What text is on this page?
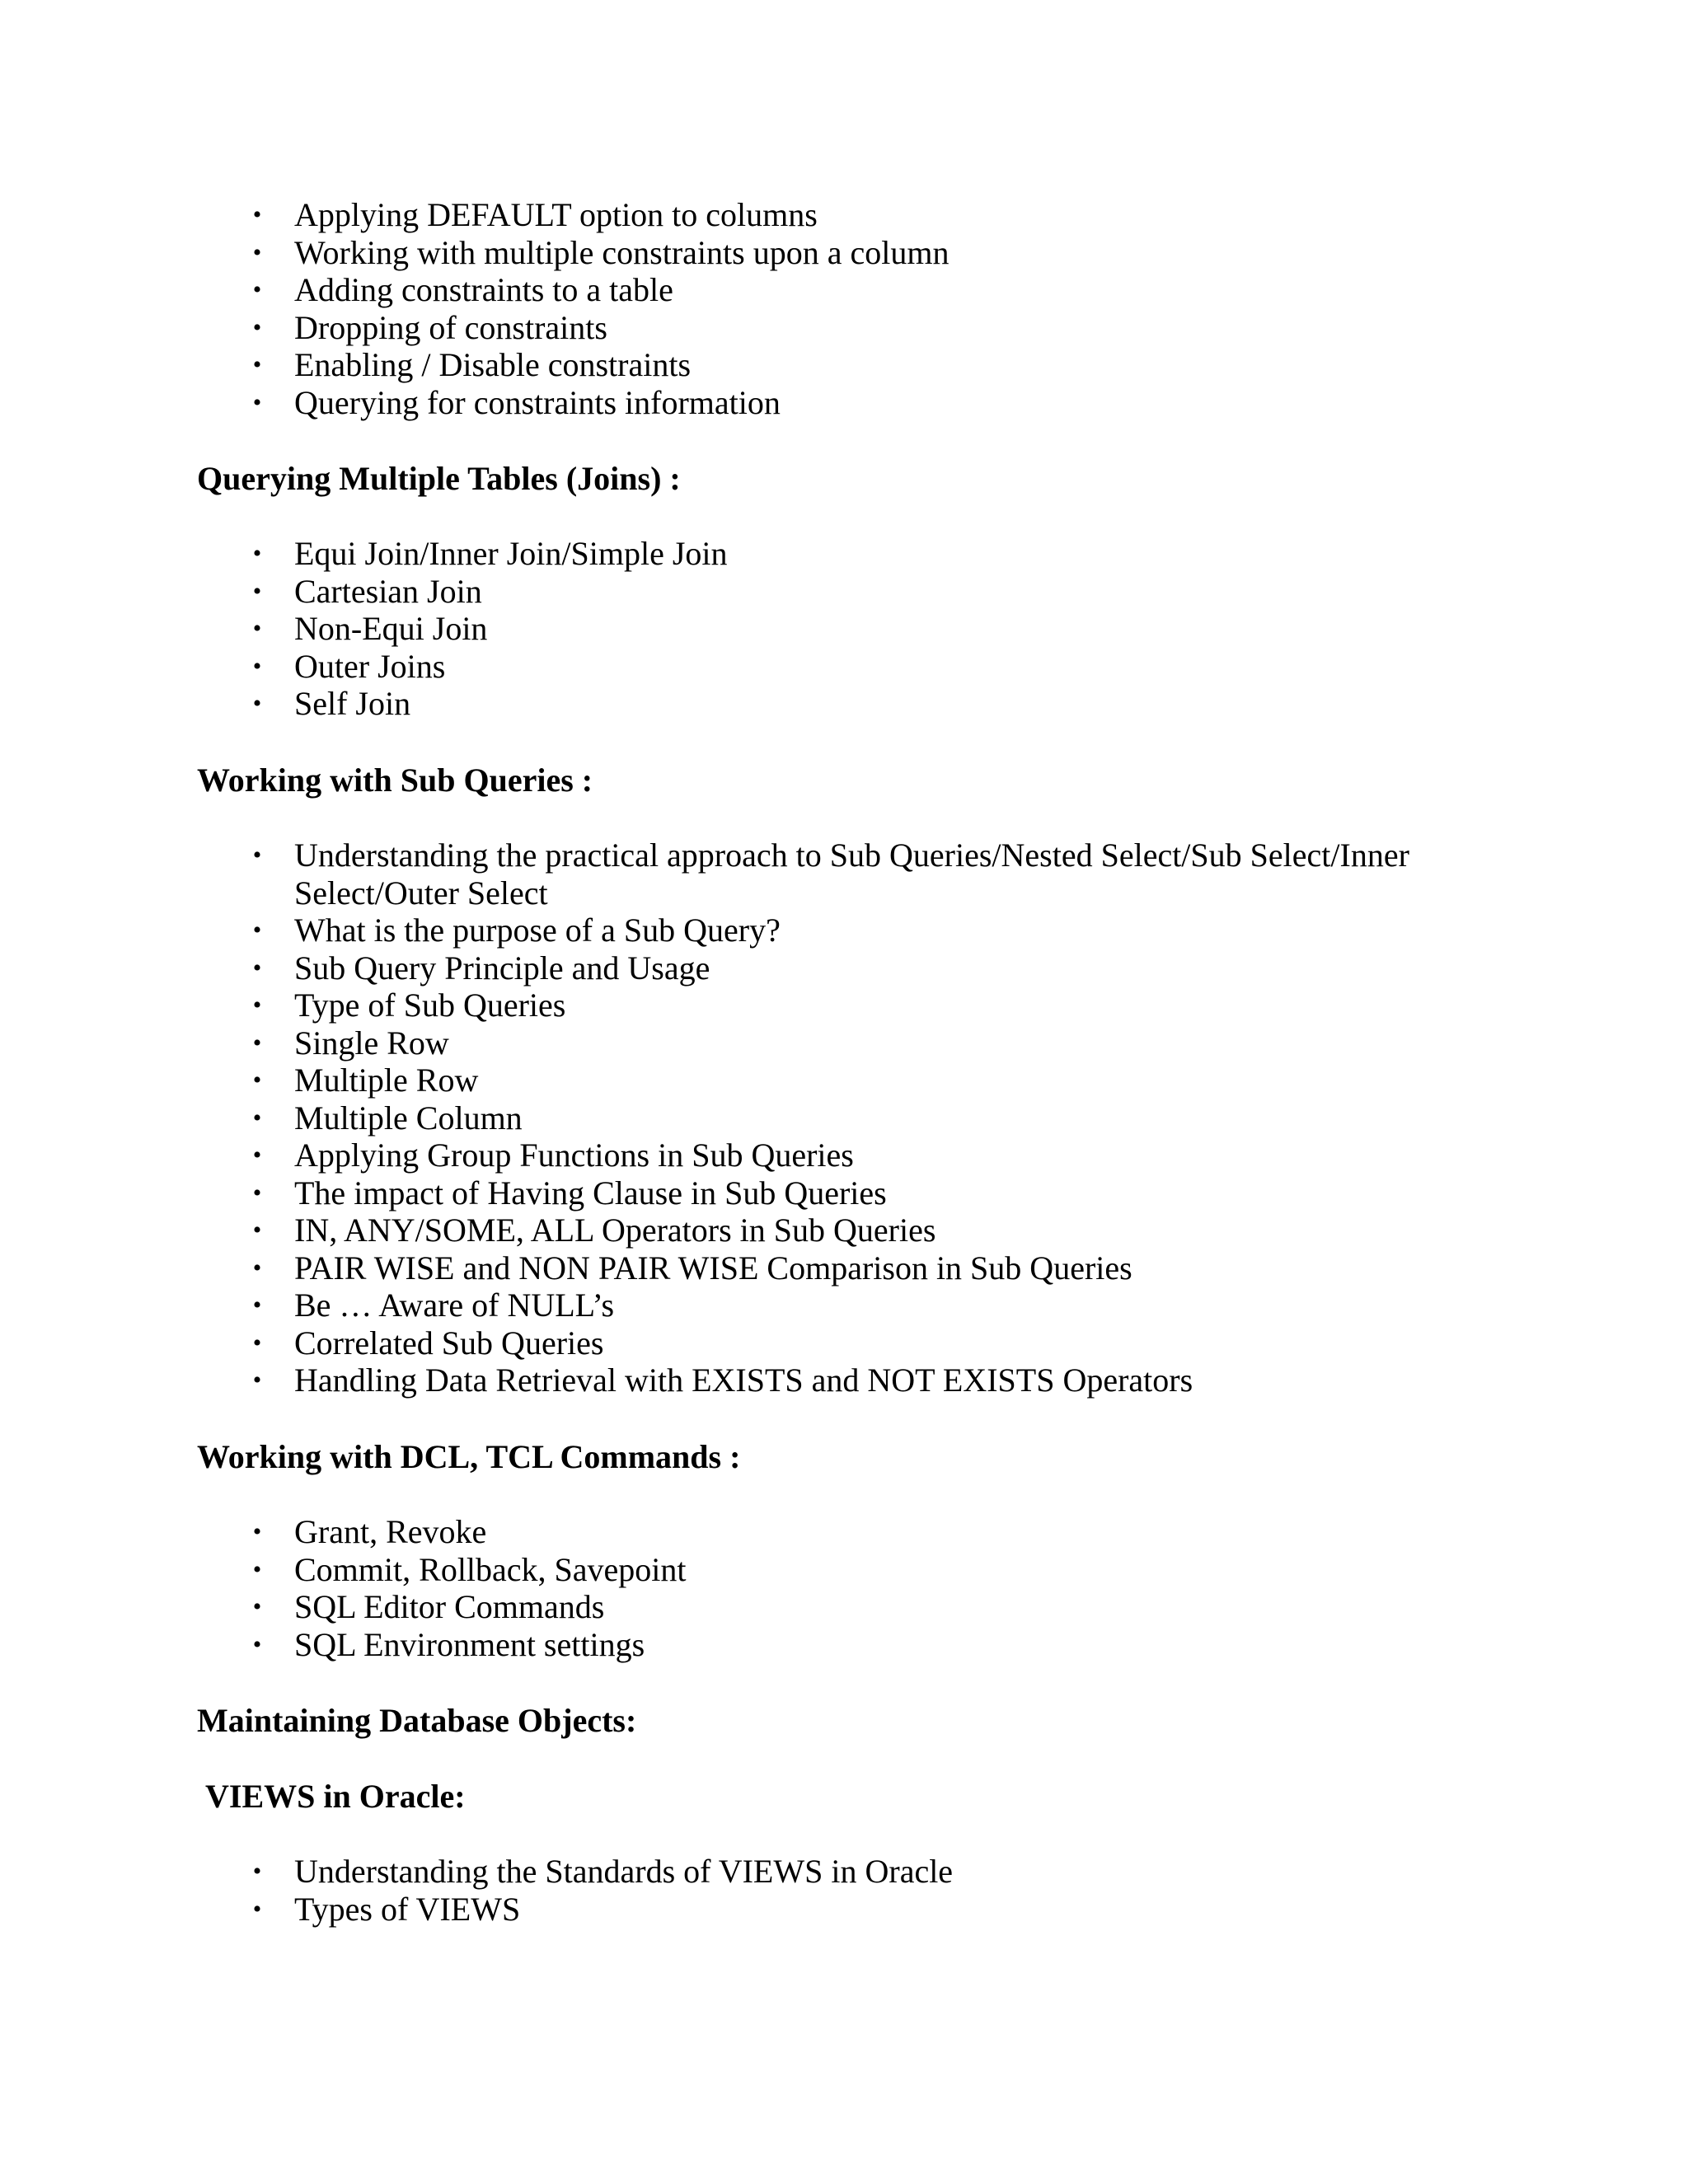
• Applying DEFAULT option to columns
• Working with multiple constraints upon a column
• Adding constraints to a table
• Dropping of constraints
• Enabling / Disable constraints
• Querying for constraints information
Querying Multiple Tables (Joins) :
• Equi Join/Inner Join/Simple Join
• Cartesian Join
• Non-Equi Join
• Outer Joins
• Self Join
Working with Sub Queries :
• Understanding the practical approach to Sub Queries/Nested Select/Sub Select/Inner Select/Outer Select
• What is the purpose of a Sub Query?
• Sub Query Principle and Usage
• Type of Sub Queries
• Single Row
• Multiple Row
• Multiple Column
• Applying Group Functions in Sub Queries
• The impact of Having Clause in Sub Queries
• IN, ANY/SOME, ALL Operators in Sub Queries
• PAIR WISE and NON PAIR WISE Comparison in Sub Queries
• Be … Aware of NULL’s
• Correlated Sub Queries
• Handling Data Retrieval with EXISTS and NOT EXISTS Operators
Working with DCL, TCL Commands :
• Grant, Revoke
• Commit, Rollback, Savepoint
• SQL Editor Commands
• SQL Environment settings
Maintaining Database Objects:
VIEWS in Oracle:
• Understanding the Standards of VIEWS in Oracle
• Types of VIEWS
